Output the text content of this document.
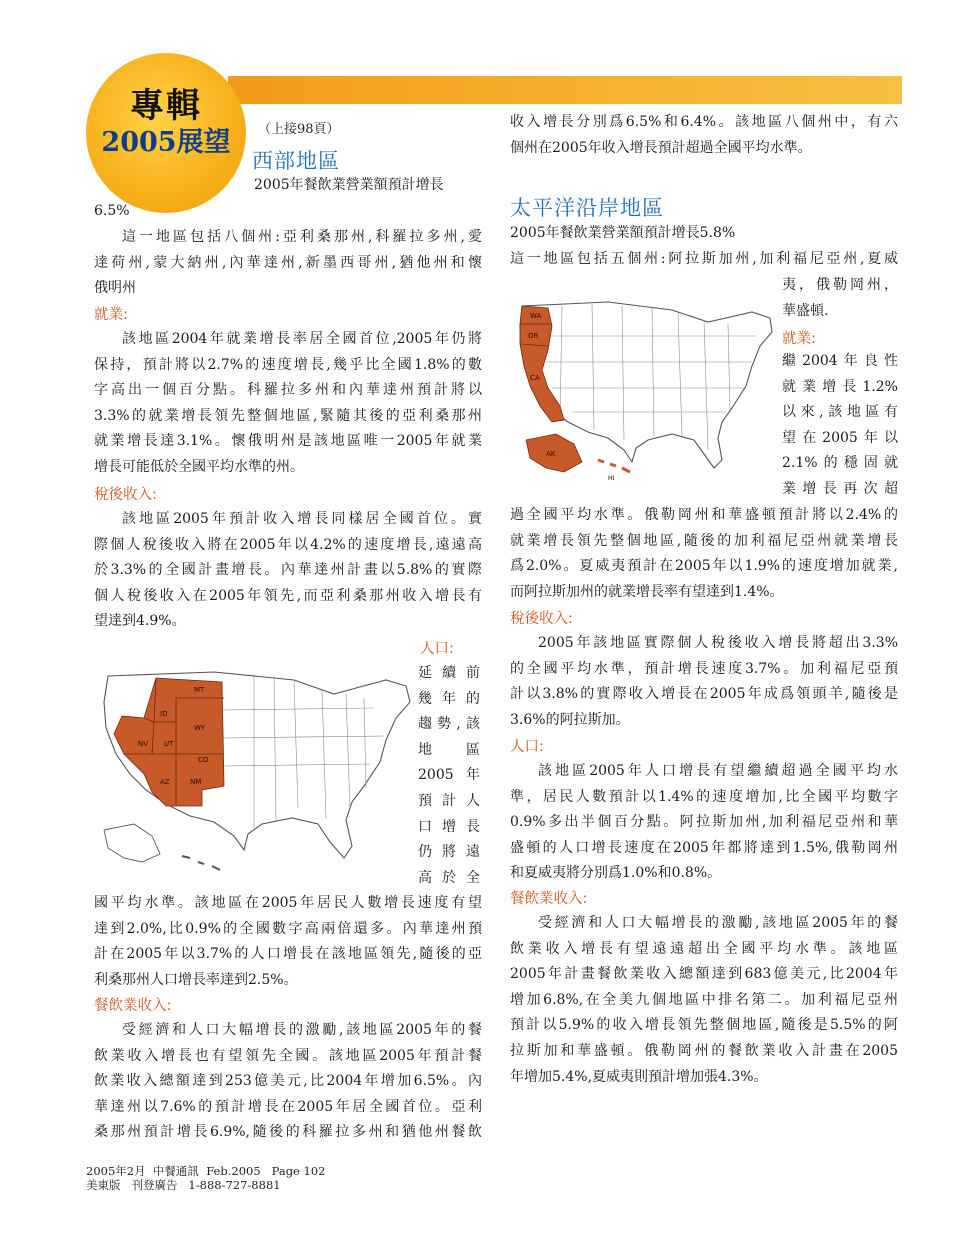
專輯
2005展望	（上接98頁）
西部地區
2005年餐飲業營業額預計增長
6.5%
這一地區包括八個州:亞利桑那州,科羅拉多州,愛
達荷州,蒙大納州,內華達州,新墨西哥州,猶他州和懷
俄明州
就業:
該地區2004年就業增長率居全國首位,2005年仍將
保持，預計將以2.7%的速度增長,幾乎比全國1.8%的數
字高出一個百分點。科羅拉多州和內華達州預計將以
3.3%的就業增長領先整個地區,緊隨其後的亞利桑那州
就業增長達3.1%。懷俄明州是該地區唯一2005年就業
增長可能低於全國平均水準的州。
稅後收入:
該地區2005年預計收入增長同樣居全國首位。實
際個人稅後收入將在2005年以4.2%的速度增長,遠遠高
於3.3%的全國計畫增長。內華達州計畫以5.8%的實際
個人稅後收入在2005年領先,而亞利桑那州收入增長有
望達到4.9%。
MT
ID
WY
NV UT
CO
AZ	NM
人口:
延續前
幾年的
趨勢,該
地區
2005年
預計人
口增長
仍將遠
高於全
國平均水準。該地區在2005年居民人數增長速度有望
達到2.0%,比0.9%的全國數字高兩倍還多。內華達州預
計在2005年以3.7%的人口增長在該地區領先,隨後的亞
利桑那州人口增長率達到2.5%。
餐飲業收入:
受經濟和人口大幅增長的激勵,該地區2005年的餐
飲業收入增長也有望領先全國。該地區2005年預計餐
飲業收入總額達到253億美元,比2004年增加6.5%。內
華達州以7.6%的預計增長在2005年居全國首位。亞利
桑那州預計增長6.9%,隨後的科羅拉多州和猶他州餐飲
收入增長分別爲6.5%和6.4%。該地區八個州中，有六
個州在2005年收入增長預計超過全國平均水準。
太平洋沿岸地區
2005年餐飲業營業額預計增長5.8%
這一地區包括五個州:阿拉斯加州,加利福尼亞州,夏威
夷，俄勒岡州，
華盛頓.
就業:
繼2004年良性
就業增長1.2%
以來,該地區有
望在2005年以
2.1%的穩固就
業增長再次超
WA
OR
CA
AK
HI
過全國平均水準。俄勒岡州和華盛頓預計將以2.4%的
就業增長領先整個地區,隨後的加利福尼亞州就業增長
爲2.0%。夏威夷預計在2005年以1.9%的速度增加就業,
而阿拉斯加州的就業增長率有望達到1.4%。
稅後收入:
2005年該地區實際個人稅後收入增長將超出3.3%
的全國平均水準，預計增長速度3.7%。加利福尼亞預
計以3.8%的實際收入增長在2005年成爲領頭羊,隨後是
3.6%的阿拉斯加。
人口:
該地區2005年人口增長有望繼續超過全國平均水
準，居民人數預計以1.4%的速度增加,比全國平均數字
0.9%多出半個百分點。阿拉斯加州,加利福尼亞州和華
盛頓的人口增長速度在2005年都將達到1.5%,俄勒岡州
和夏威夷將分別爲1.0%和0.8%。
餐飲業收入:
受經濟和人口大幅增長的激勵,該地區2005年的餐
飲業收入增長有望遠遠超出全國平均水準。該地區
2005年計畫餐飲業收入總額達到683億美元,比2004年
增加6.8%,在全美九個地區中排名第二。加利福尼亞州
預計以5.9%的收入增長領先整個地區,隨後是5.5%的阿
拉斯加和華盛頓。俄勒岡州的餐飲業收入計畫在2005
年增加5.4%,夏威夷則預計增加張4.3%。
2005年2月  中餐通訊  Feb.2005   Page 102
美東版   刊登廣告   1-888-727-8881
